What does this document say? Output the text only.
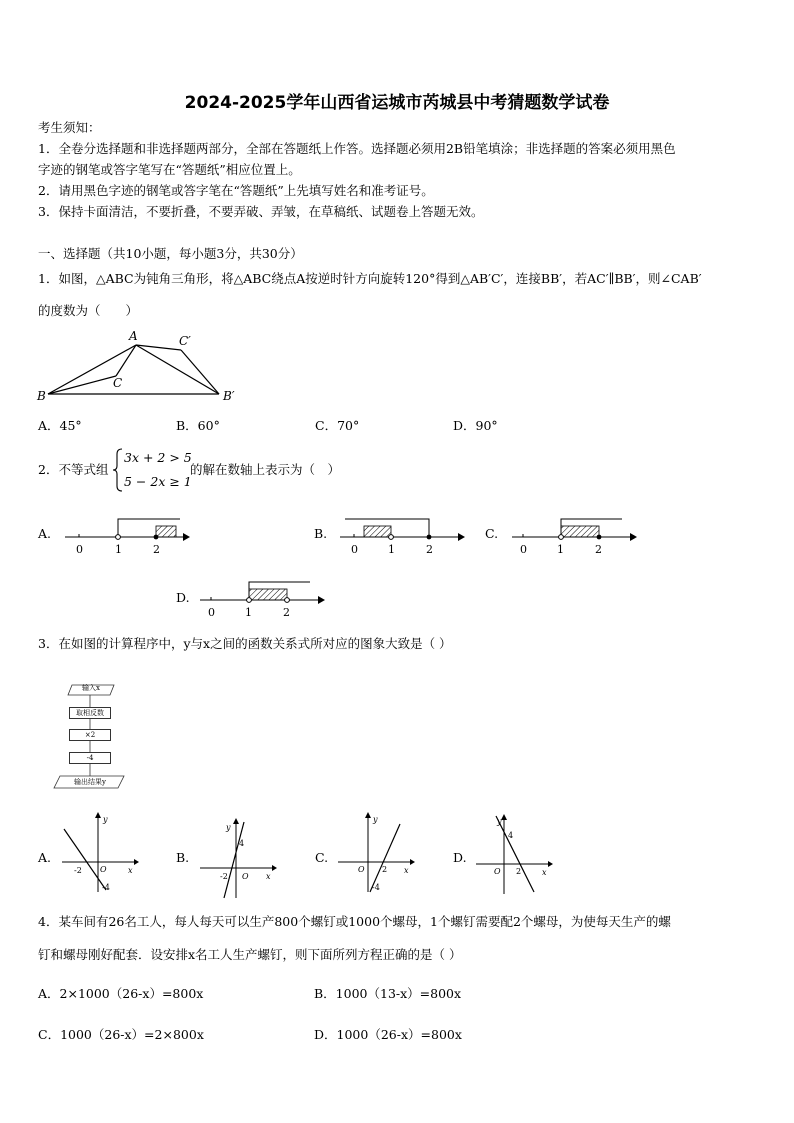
2024-2025学年山西省运城市芮城县中考猜题数学试卷
考生须知：
1．全卷分选择题和非选择题两部分，全部在答题纸上作答。选择题必须用2B铅笔填涂；非选择题的答案必须用黑色
字迹的钢笔或答字笔写在“答题纸”相应位置上。
2．请用黑色字迹的钢笔或答字笔在“答题纸”上先填写姓名和准考证号。
3．保持卡面清洁，不要折叠，不要弄破、弄皱，在草稿纸、试题卷上答题无效。
一、选择题（共10小题，每小题3分，共30分）
1．如图，△ABC为钝角三角形，将△ABC绕点A按逆时针方向旋转120°得到△AB′C′，连接BB′，若AC′∥BB′，则∠CAB′
的度数为（　　）
A
C
C′
B	B′
A．45°	B．60°	C．70°	D．90°
2．不等式组
3x + 2 > 5
5 − 2x ≥ 1
的解在数轴上表示为（　）
A.
0	1	2
B.
0	1	2
C.
0	1	2
D.
0	1	2
3．在如图的计算程序中，y与x之间的函数关系式所对应的图象大致是（ ）
输入x
取相反数
×2
-4
输出结果y
A.
y
x
O
-2
-4
B.
y
x
O
4
-2
C.
y
x
O 2
-4
D.
y
x
O
4
2
4．某车间有26名工人，每人每天可以生产800个螺钉或1000个螺母，1个螺钉需要配2个螺母，为使每天生产的螺
钉和螺母刚好配套．设安排x名工人生产螺钉，则下面所列方程正确的是（ ）
A．2×1000（26-x）=800x	B．1000（13-x）=800x
C．1000（26-x）=2×800x	D．1000（26-x）=800x
